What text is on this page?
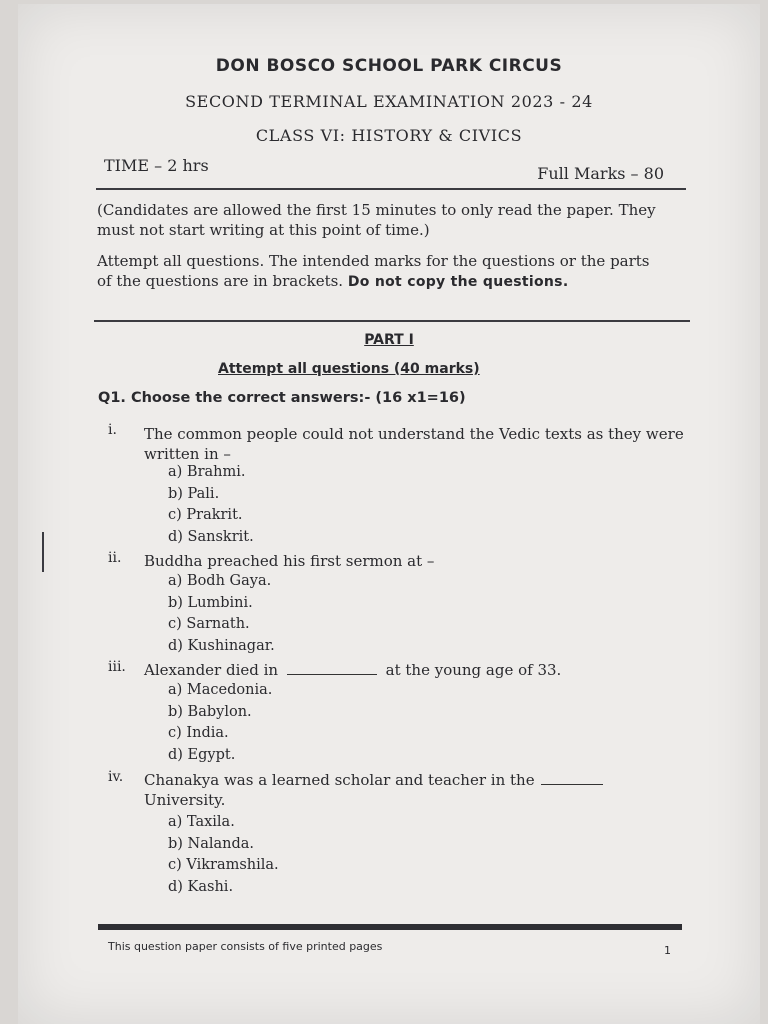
DON BOSCO SCHOOL PARK CIRCUS
SECOND TERMINAL EXAMINATION 2023 - 24
CLASS VI: HISTORY & CIVICS
TIME – 2 hrs	Full Marks – 80
(Candidates are allowed the first 15 minutes to only read the paper. They must not start writing at this point of time.)
Attempt all questions. The intended marks for the questions or the parts of the questions are in brackets. Do not copy the questions.
PART I
Attempt all questions (40 marks)
Q1. Choose the correct answers:- (16 x1=16)
i.	The common people could not understand the Vedic texts as they were written in –
a) Brahmi.
b) Pali.
c) Prakrit.
d) Sanskrit.
ii.	Buddha preached his first sermon at –
a) Bodh Gaya.
b) Lumbini.
c) Sarnath.
d) Kushinagar.
iii.	Alexander died in	at the young age of 33.
a) Macedonia.
b) Babylon.
c) India.
d) Egypt.
iv.	Chanakya was a learned scholar and teacher in the
University.
a) Taxila.
b) Nalanda.
c) Vikramshila.
d) Kashi.
This question paper consists of five printed pages	1
